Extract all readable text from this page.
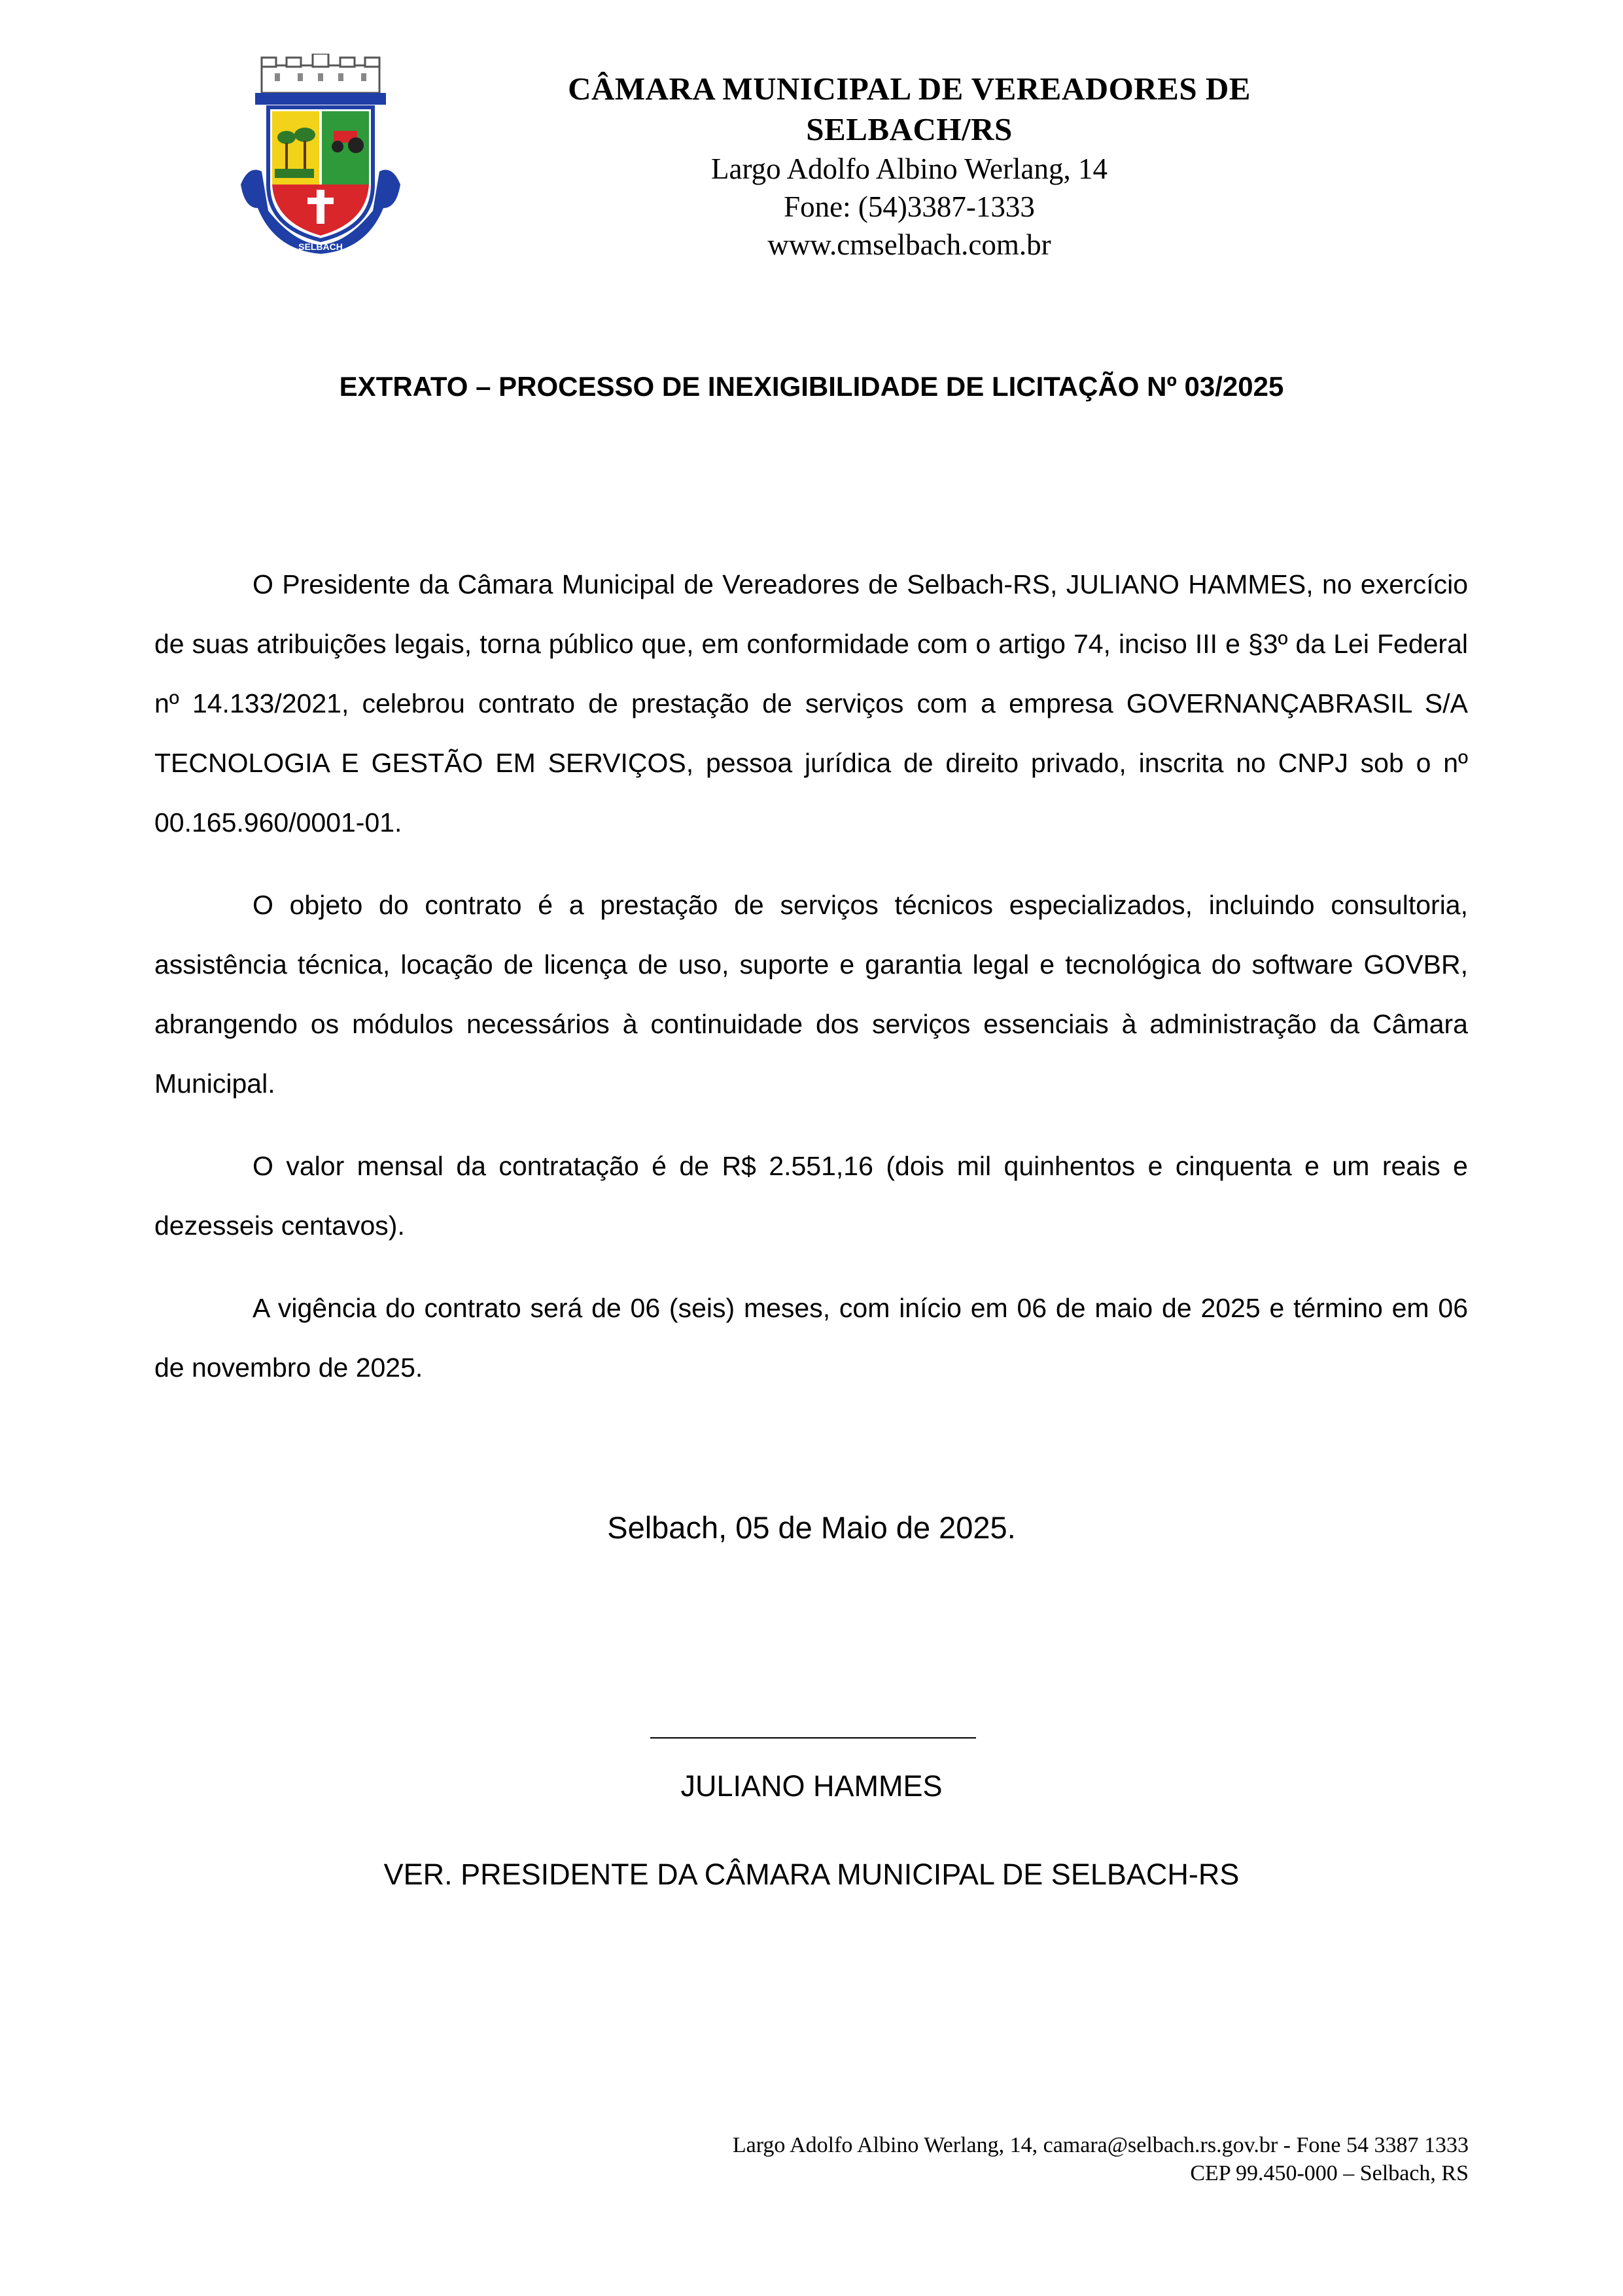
SELBACH
CÂMARA MUNICIPAL DE VEREADORES DE SELBACH/RS
Largo Adolfo Albino Werlang, 14
Fone: (54)3387-1333
www.cmselbach.com.br
EXTRATO – PROCESSO DE INEXIGIBILIDADE DE LICITAÇÃO Nº 03/2025

O Presidente da Câmara Municipal de Vereadores de Selbach-RS, JULIANO HAMMES, no exercício de suas atribuições legais, torna público que, em conformidade com o artigo 74, inciso III e §3º da Lei Federal nº 14.133/2021, celebrou contrato de prestação de serviços com a empresa GOVERNANÇABRASIL S/A TECNOLOGIA E GESTÃO EM SERVIÇOS, pessoa jurídica de direito privado, inscrita no CNPJ sob o nº 00.165.960/0001-01.

O objeto do contrato é a prestação de serviços técnicos especializados, incluindo consultoria, assistência técnica, locação de licença de uso, suporte e garantia legal e tecnológica do software GOVBR, abrangendo os módulos necessários à continuidade dos serviços essenciais à administração da Câmara Municipal.

O valor mensal da contratação é de R$ 2.551,16 (dois mil quinhentos e cinquenta e um reais e dezesseis centavos).

A vigência do contrato será de 06 (seis) meses, com início em 06 de maio de 2025 e término em 06 de novembro de 2025.

Selbach, 05 de Maio de 2025.
JULIANO HAMMES
VER. PRESIDENTE DA CÂMARA MUNICIPAL DE SELBACH-RS
Largo Adolfo Albino Werlang, 14, camara@selbach.rs.gov.br - Fone 54 3387 1333
CEP 99.450-000 – Selbach, RS
